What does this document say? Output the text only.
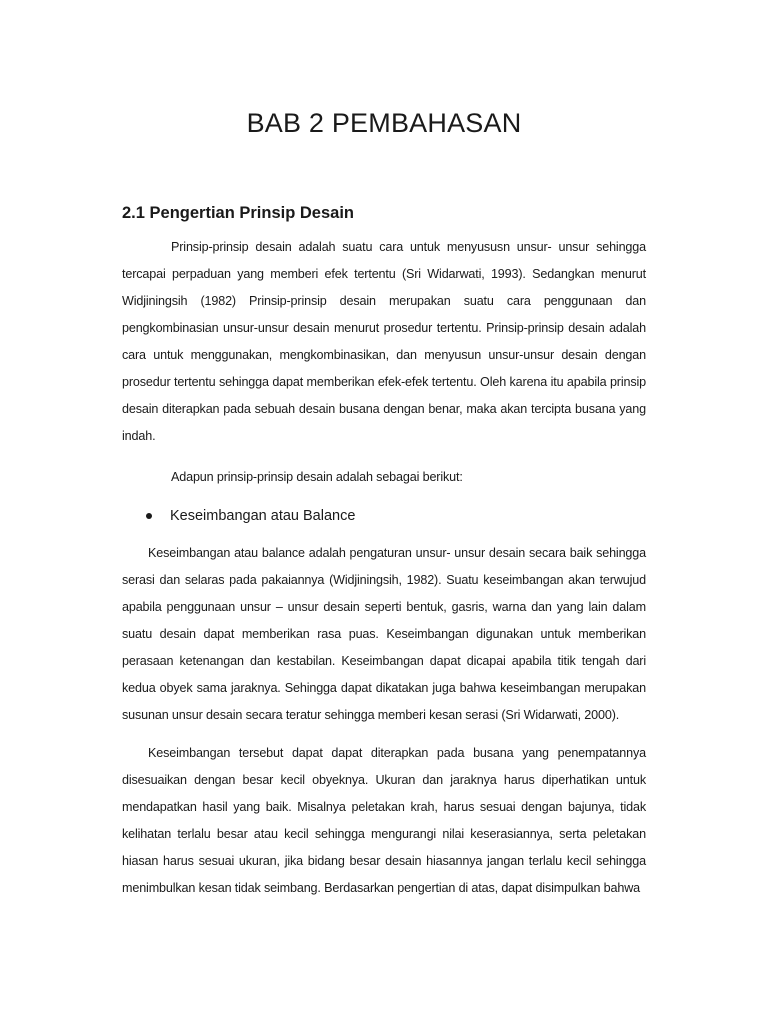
BAB 2 PEMBAHASAN
2.1 Pengertian Prinsip Desain

Prinsip-prinsip desain adalah suatu cara untuk menyususn unsur- unsur sehingga tercapai perpaduan yang memberi efek tertentu (Sri Widarwati, 1993). Sedangkan menurut Widjiningsih (1982) Prinsip-prinsip desain merupakan suatu cara penggunaan dan pengkombinasian unsur-unsur desain menurut prosedur tertentu. Prinsip-prinsip desain adalah cara untuk menggunakan, mengkombinasikan, dan menyusun unsur-unsur desain dengan prosedur tertentu sehingga dapat memberikan efek-efek tertentu. Oleh karena itu apabila prinsip desain diterapkan pada sebuah desain busana dengan benar, maka akan tercipta busana yang indah.

Adapun prinsip-prinsip desain adalah sebagai berikut:

Keseimbangan atau Balance

Keseimbangan atau balance adalah pengaturan unsur- unsur desain secara baik sehingga serasi dan selaras pada pakaiannya (Widjiningsih, 1982). Suatu keseimbangan akan terwujud apabila penggunaan unsur – unsur desain seperti bentuk, gasris, warna dan yang lain dalam suatu desain dapat memberikan rasa puas. Keseimbangan digunakan untuk memberikan perasaan ketenangan dan kestabilan. Keseimbangan dapat dicapai apabila titik tengah dari kedua obyek sama jaraknya. Sehingga dapat dikatakan juga bahwa keseimbangan merupakan susunan unsur desain secara teratur sehingga memberi kesan serasi (Sri Widarwati, 2000).

Keseimbangan tersebut dapat dapat diterapkan pada busana yang penempatannya disesuaikan dengan besar kecil obyeknya. Ukuran dan jaraknya harus diperhatikan untuk mendapatkan hasil yang baik. Misalnya peletakan krah, harus sesuai dengan bajunya, tidak kelihatan terlalu besar atau kecil sehingga mengurangi nilai keserasiannya, serta peletakan hiasan harus sesuai ukuran, jika bidang besar desain hiasannya jangan terlalu kecil sehingga menimbulkan kesan tidak seimbang. Berdasarkan pengertian di atas, dapat disimpulkan bahwa
